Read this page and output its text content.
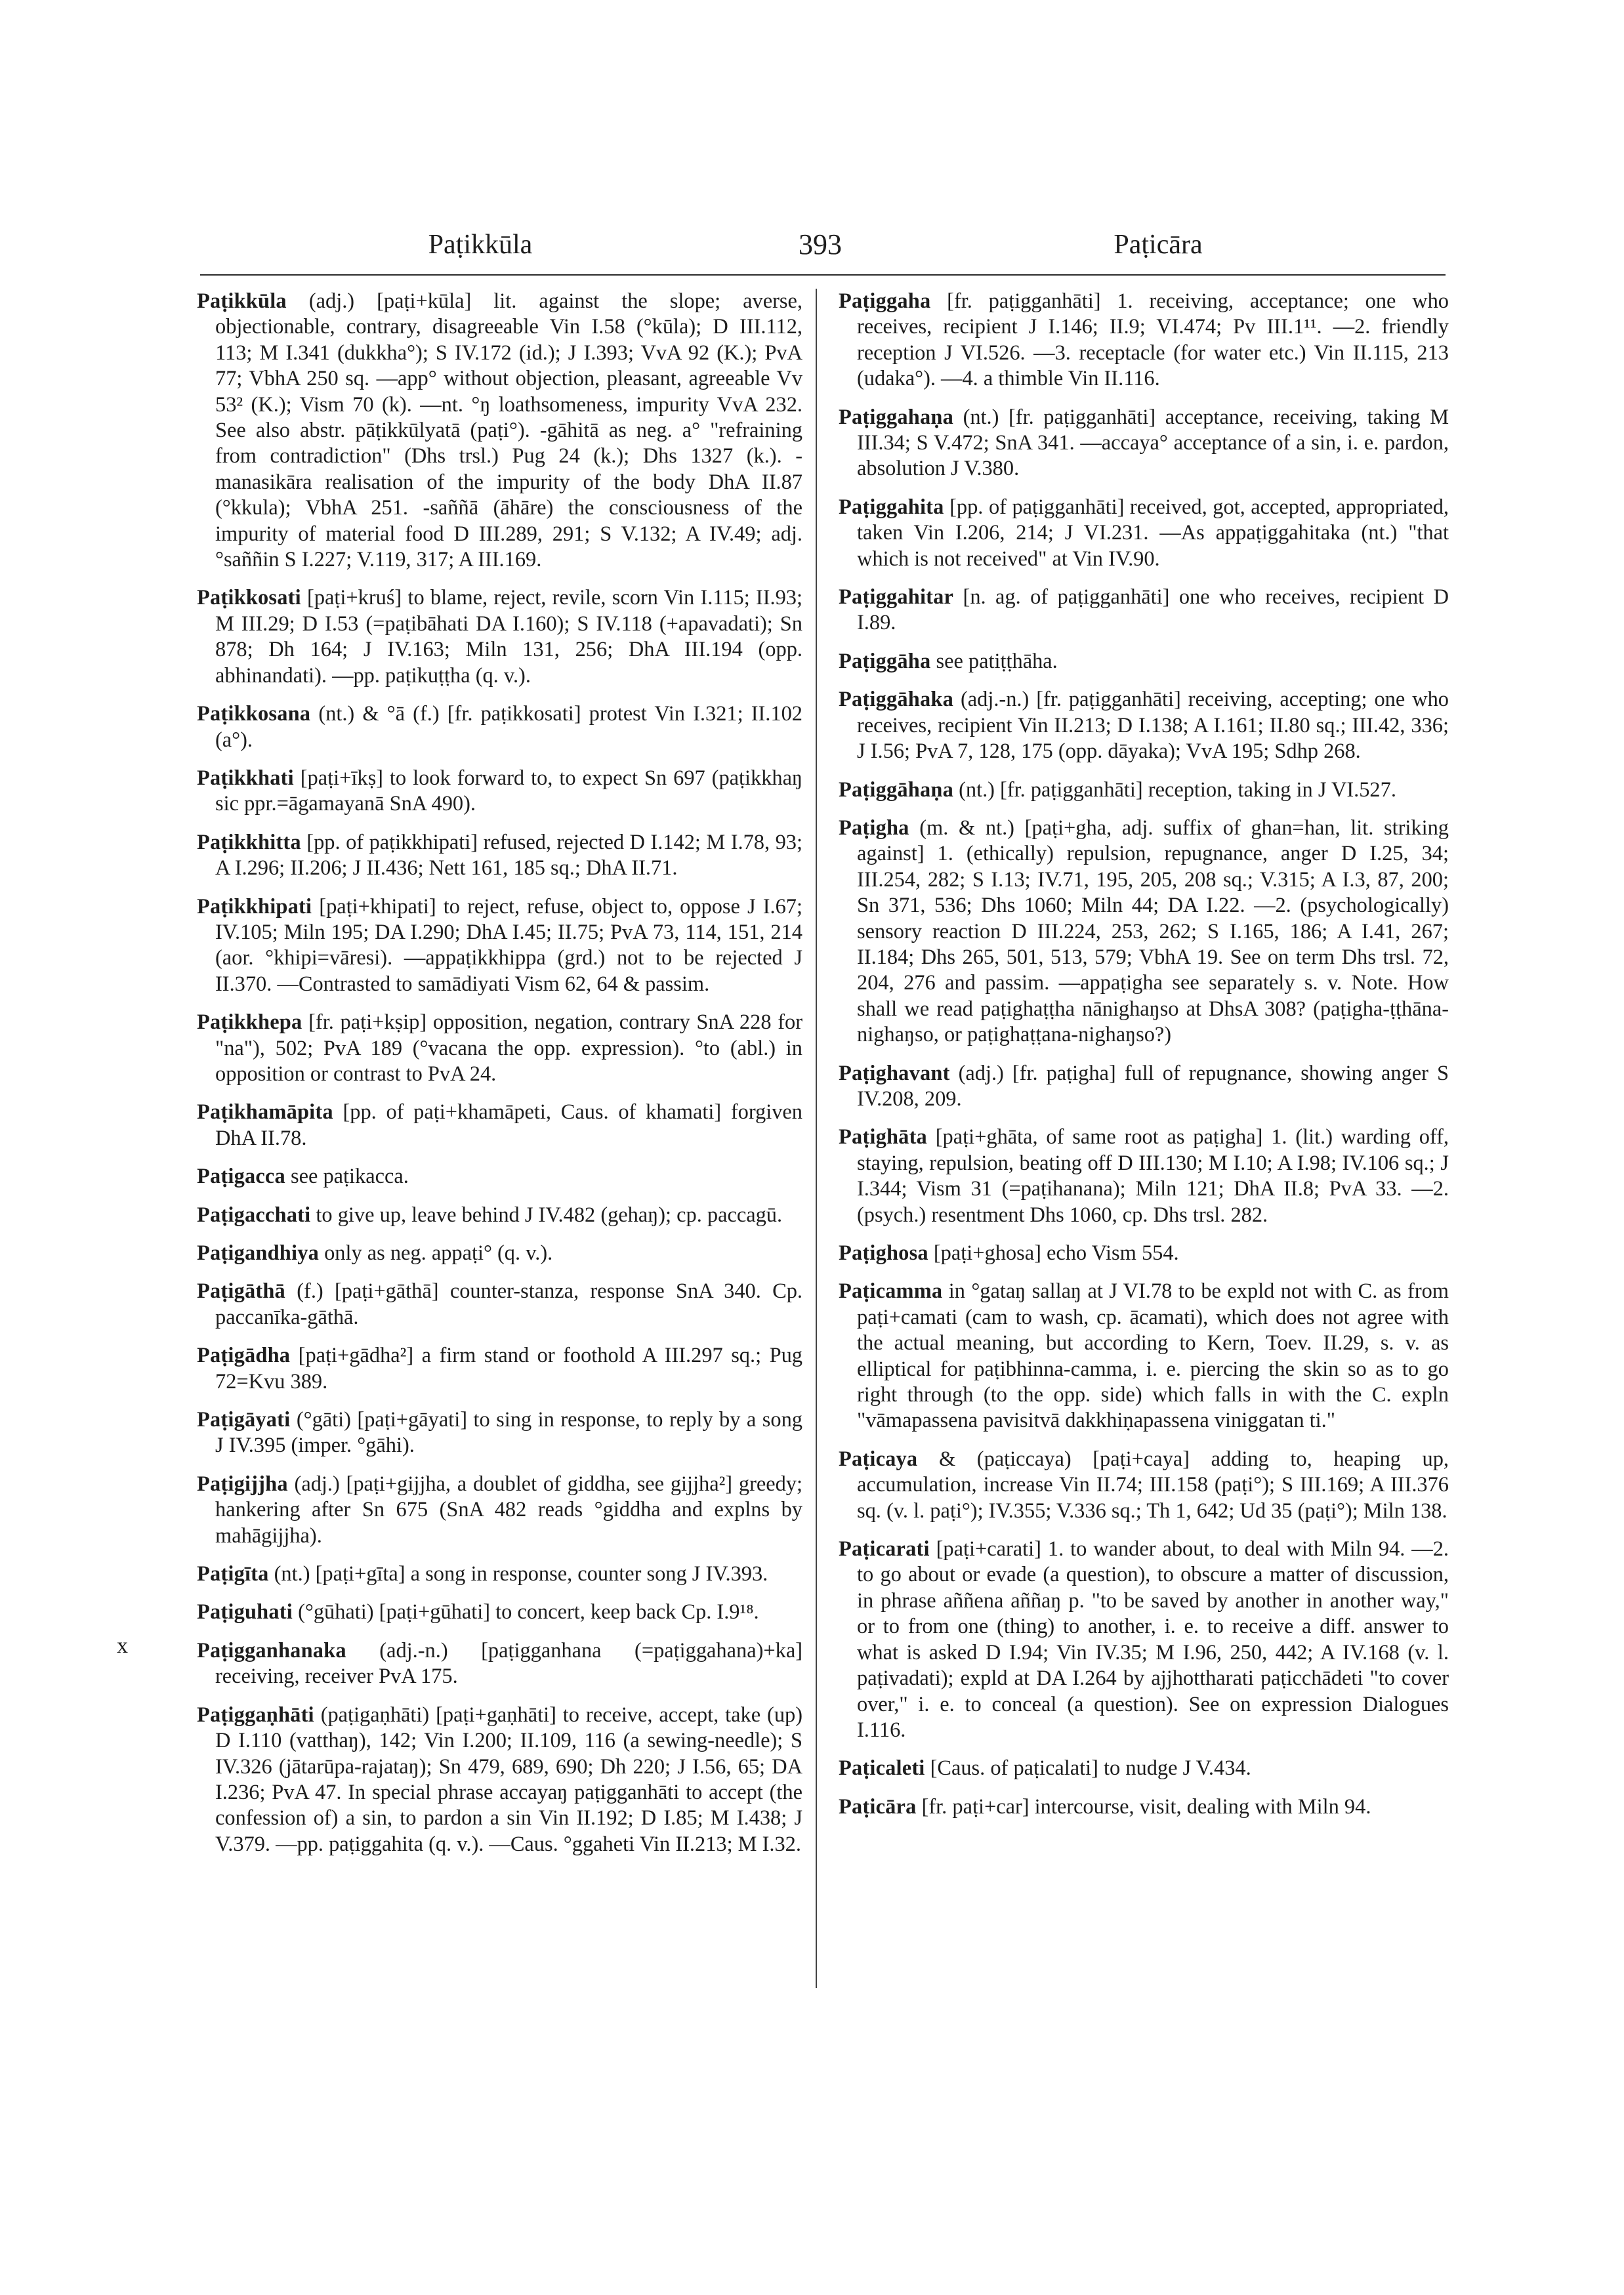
Paṭikkūla	393	Paṭicāra
x

Paṭikkūla (adj.) [paṭi+kūla] lit. against the slope; averse, objectionable, contrary, disagreeable Vin I.58 (°kūla); D III.112, 113; M I.341 (dukkha°); S IV.172 (id.); J I.393; VvA 92 (K.); PvA 77; VbhA 250 sq. —app° without objection, pleasant, agreeable Vv 53² (K.); Vism 70 (k). —nt. °ŋ loathsomeness, impurity VvA 232. See also abstr. pāṭikkūlyatā (paṭi°). -gāhitā as neg. a° "refraining from contradiction" (Dhs trsl.) Pug 24 (k.); Dhs 1327 (k.). -manasikāra realisation of the impurity of the body DhA II.87 (°kkula); VbhA 251. -saññā (āhāre) the consciousness of the impurity of material food D III.289, 291; S V.132; A IV.49; adj. °saññin S I.227; V.119, 317; A III.169.

Paṭikkosati [paṭi+kruś] to blame, reject, revile, scorn Vin I.115; II.93; M III.29; D I.53 (=paṭibāhati DA I.160); S IV.118 (+apavadati); Sn 878; Dh 164; J IV.163; Miln 131, 256; DhA III.194 (opp. abhinandati). —pp. paṭikuṭṭha (q. v.).

Paṭikkosana (nt.) & °ā (f.) [fr. paṭikkosati] protest Vin I.321; II.102 (a°).

Paṭikkhati [paṭi+īkṣ] to look forward to, to expect Sn 697 (paṭikkhaŋ sic ppr.=āgamayanā SnA 490).

Paṭikkhitta [pp. of paṭikkhipati] refused, rejected D I.142; M I.78, 93; A I.296; II.206; J II.436; Nett 161, 185 sq.; DhA II.71.

Paṭikkhipati [paṭi+khipati] to reject, refuse, object to, oppose J I.67; IV.105; Miln 195; DA I.290; DhA I.45; II.75; PvA 73, 114, 151, 214 (aor. °khipi=vāresi). —appaṭikkhippa (grd.) not to be rejected J II.370. —Contrasted to samādiyati Vism 62, 64 & passim.

Paṭikkhepa [fr. paṭi+kṣip] opposition, negation, contrary SnA 228 for "na"), 502; PvA 189 (°vacana the opp. expression). °to (abl.) in opposition or contrast to PvA 24.

Paṭikhamāpita [pp. of paṭi+khamāpeti, Caus. of khamati] forgiven DhA II.78.

Paṭigacca see paṭikacca.

Paṭigacchati to give up, leave behind J IV.482 (gehaŋ); cp. paccagū.

Paṭigandhiya only as neg. appaṭi° (q. v.).

Paṭigāthā (f.) [paṭi+gāthā] counter-stanza, response SnA 340. Cp. paccanīka-gāthā.

Paṭigādha [paṭi+gādha²] a firm stand or foothold A III.297 sq.; Pug 72=Kvu 389.

Paṭigāyati (°gāti) [paṭi+gāyati] to sing in response, to reply by a song J IV.395 (imper. °gāhi).

Paṭigijjha (adj.) [paṭi+gijjha, a doublet of giddha, see gijjha²] greedy; hankering after Sn 675 (SnA 482 reads °giddha and explns by mahāgijjha).

Paṭigīta (nt.) [paṭi+gīta] a song in response, counter song J IV.393.

Paṭiguhati (°gūhati) [paṭi+gūhati] to concert, keep back Cp. I.9¹⁸.

Paṭigganhanaka (adj.-n.) [paṭigganhana (=paṭiggahana)+ka] receiving, receiver PvA 175.

Paṭiggaṇhāti (paṭigaṇhāti) [paṭi+gaṇhāti] to receive, accept, take (up) D I.110 (vatthaŋ), 142; Vin I.200; II.109, 116 (a sewing-needle); S IV.326 (jātarūpa-rajataŋ); Sn 479, 689, 690; Dh 220; J I.56, 65; DA I.236; PvA 47. In special phrase accayaŋ paṭigganhāti to accept (the confession of) a sin, to pardon a sin Vin II.192; D I.85; M I.438; J V.379. —pp. paṭiggahita (q. v.). —Caus. °ggaheti Vin II.213; M I.32.

Paṭiggaha [fr. paṭigganhāti] 1. receiving, acceptance; one who receives, recipient J I.146; II.9; VI.474; Pv III.1¹¹. —2. friendly reception J VI.526. —3. receptacle (for water etc.) Vin II.115, 213 (udaka°). —4. a thimble Vin II.116.

Paṭiggahaṇa (nt.) [fr. paṭigganhāti] acceptance, receiving, taking M III.34; S V.472; SnA 341. —accaya° acceptance of a sin, i. e. pardon, absolution J V.380.

Paṭiggahita [pp. of paṭigganhāti] received, got, accepted, appropriated, taken Vin I.206, 214; J VI.231. —As appaṭiggahitaka (nt.) "that which is not received" at Vin IV.90.

Paṭiggahitar [n. ag. of paṭigganhāti] one who receives, recipient D I.89.

Paṭiggāha see patiṭṭhāha.

Paṭiggāhaka (adj.-n.) [fr. paṭigganhāti] receiving, accepting; one who receives, recipient Vin II.213; D I.138; A I.161; II.80 sq.; III.42, 336; J I.56; PvA 7, 128, 175 (opp. dāyaka); VvA 195; Sdhp 268.

Paṭiggāhaṇa (nt.) [fr. paṭigganhāti] reception, taking in J VI.527.

Paṭigha (m. & nt.) [paṭi+gha, adj. suffix of ghan=han, lit. striking against] 1. (ethically) repulsion, repugnance, anger D I.25, 34; III.254, 282; S I.13; IV.71, 195, 205, 208 sq.; V.315; A I.3, 87, 200; Sn 371, 536; Dhs 1060; Miln 44; DA I.22. —2. (psychologically) sensory reaction D III.224, 253, 262; S I.165, 186; A I.41, 267; II.184; Dhs 265, 501, 513, 579; VbhA 19. See on term Dhs trsl. 72, 204, 276 and passim. —appaṭigha see separately s. v. Note. How shall we read paṭighaṭṭha nānighaŋso at DhsA 308? (paṭigha-ṭṭhāna-nighaŋso, or paṭighaṭṭana-nighaŋso?)

Paṭighavant (adj.) [fr. paṭigha] full of repugnance, showing anger S IV.208, 209.

Paṭighāta [paṭi+ghāta, of same root as paṭigha] 1. (lit.) warding off, staying, repulsion, beating off D III.130; M I.10; A I.98; IV.106 sq.; J I.344; Vism 31 (=paṭihanana); Miln 121; DhA II.8; PvA 33. —2. (psych.) resentment Dhs 1060, cp. Dhs trsl. 282.

Paṭighosa [paṭi+ghosa] echo Vism 554.

Paṭicamma in °gataŋ sallaŋ at J VI.78 to be expld not with C. as from paṭi+camati (cam to wash, cp. ācamati), which does not agree with the actual meaning, but according to Kern, Toev. II.29, s. v. as elliptical for paṭibhinna-camma, i. e. piercing the skin so as to go right through (to the opp. side) which falls in with the C. expln "vāmapassena pavisitvā dakkhiṇapassena viniggatan ti."

Paṭicaya & (paṭiccaya) [paṭi+caya] adding to, heaping up, accumulation, increase Vin II.74; III.158 (paṭi°); S III.169; A III.376 sq. (v. l. paṭi°); IV.355; V.336 sq.; Th 1, 642; Ud 35 (paṭi°); Miln 138.

Paṭicarati [paṭi+carati] 1. to wander about, to deal with Miln 94. —2. to go about or evade (a question), to obscure a matter of discussion, in phrase aññena aññaŋ p. "to be saved by another in another way," or to from one (thing) to another, i. e. to receive a diff. answer to what is asked D I.94; Vin IV.35; M I.96, 250, 442; A IV.168 (v. l. paṭivadati); expld at DA I.264 by ajjhottharati paṭicchādeti "to cover over," i. e. to conceal (a question). See on expression Dialogues I.116.

Paṭicaleti [Caus. of paṭicalati] to nudge J V.434.

Paṭicāra [fr. paṭi+car] intercourse, visit, dealing with Miln 94.
